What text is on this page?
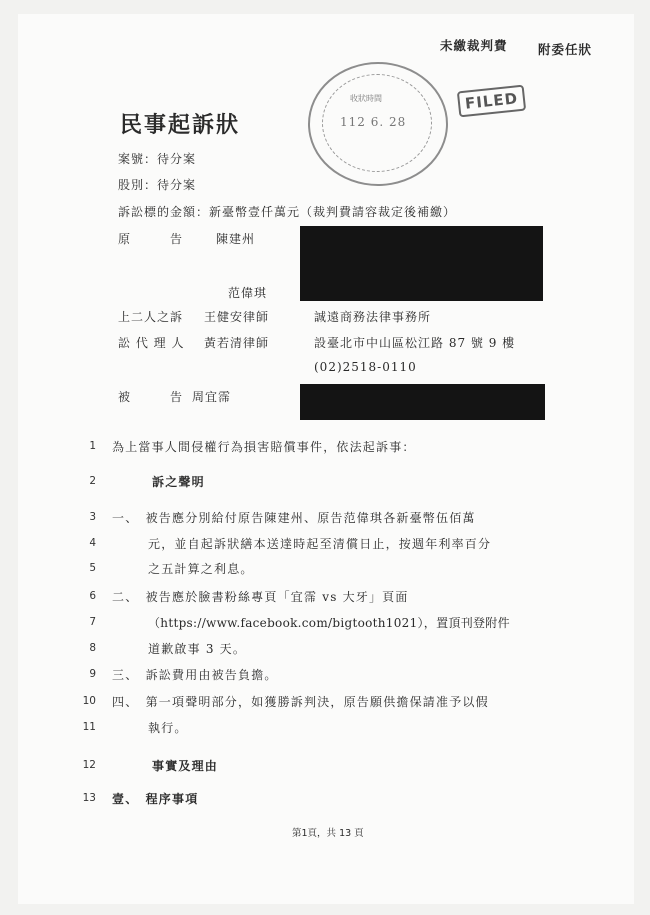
未繳裁判費 附委任狀
收狀時間
112 6. 28
FILED
民事起訴狀
案號：待分案
股別：待分案
訴訟標的金額：新臺幣壹仟萬元（裁判費請容裁定後補繳）
原　　　告	陳建州
范偉琪
上二人之訴 王健安律師	誠遠商務法律事務所
訟 代 理 人 黃若清律師	設臺北市中山區松江路 87 號 9 樓
(02)2518-0110
被　　　告 周宜霈
1 為上當事人間侵權行為損害賠償事件，依法起訴事：
2	訴之聲明
3 一、　被告應分別給付原告陳建州、原告范偉琪各新臺幣伍佰萬
4	元，並自起訴狀繕本送達時起至清償日止，按週年利率百分
5	之五計算之利息。
6 二、　被告應於臉書粉絲專頁「宜霈 vs 大牙」頁面
7	（https://www.facebook.com/bigtooth1021），置頂刊登附件
8	道歉啟事 3 天。
9 三、　訴訟費用由被告負擔。
10 四、　第一項聲明部分，如獲勝訴判決，原告願供擔保請准予以假
11	執行。
12	事實及理由
13 壹、　程序事項
第1頁，共 13 頁
